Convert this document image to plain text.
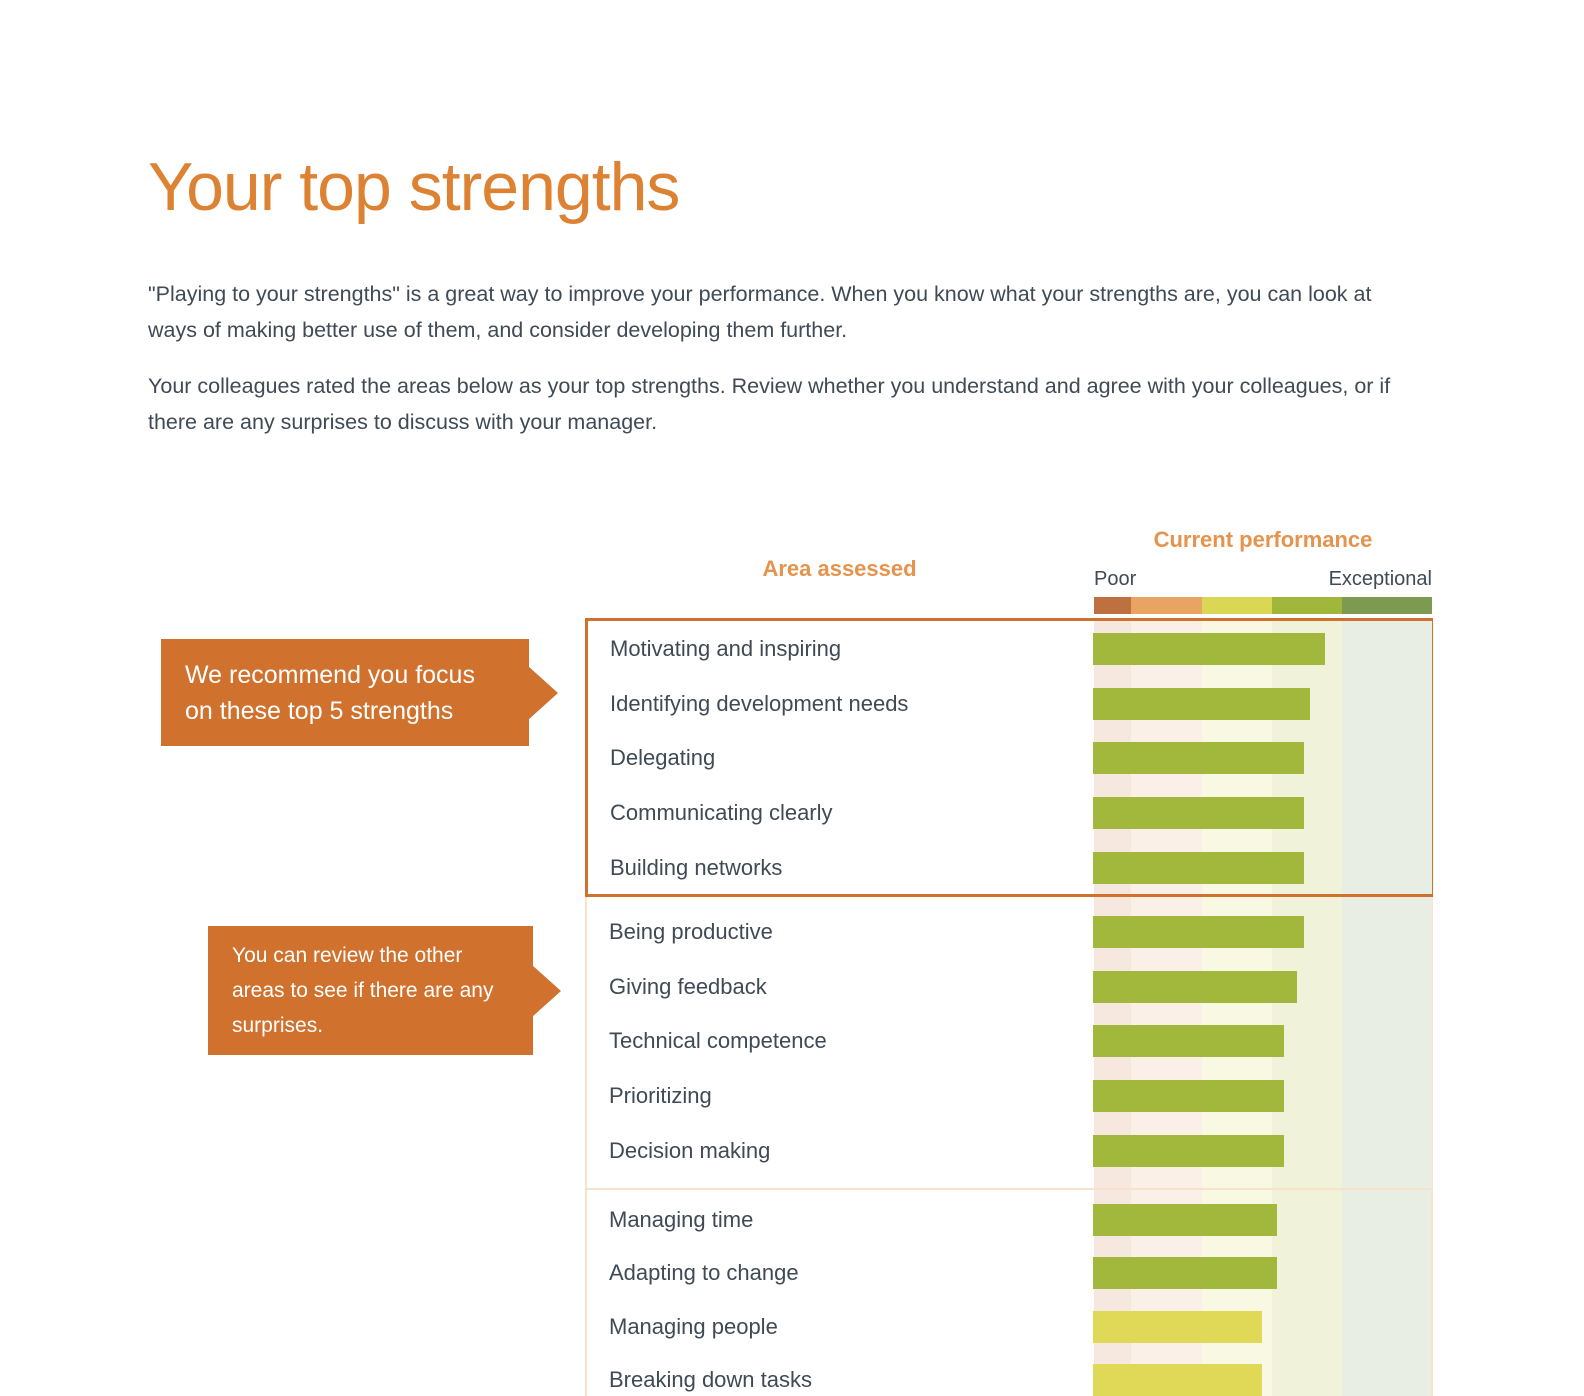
Your top strengths

"Playing to your strengths" is a great way to improve your performance. When you know what your strengths are, you can look at ways of making better use of them, and consider developing them further.

Your colleagues rated the areas below as your top strengths. Review whether you understand and agree with your colleagues, or if there are any surprises to discuss with your manager.

Current performance
Area assessed	Poor	Exceptional
Motivating and inspiring
Identifying development needs
Delegating
Communicating clearly
Building networks
Being productive
Giving feedback
Technical competence
Prioritizing
Decision making
Managing time
Adapting to change
Managing people
Breaking down tasks
We recommend you focus on these top 5 strengths
You can review the other areas to see if there are any surprises.
